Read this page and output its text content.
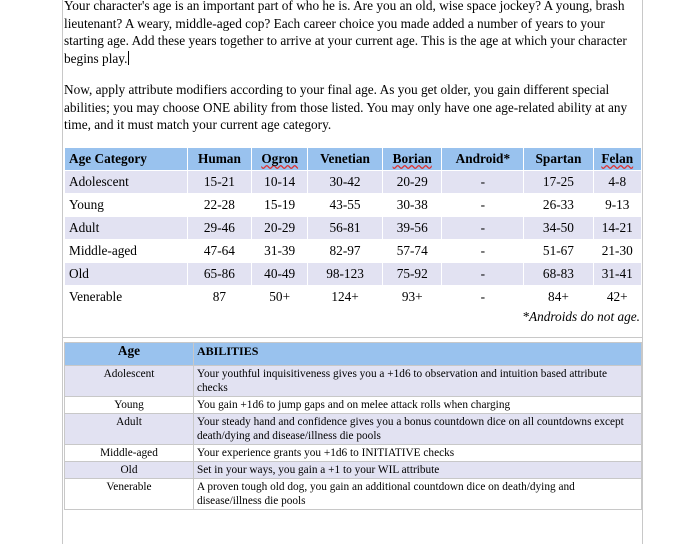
Your character's age is an important part of who he is. Are you an old, wise space jockey? A young, brash lieutenant? A weary, middle-aged cop? Each career choice you made added a number of years to your starting age. Add these years together to arrive at your current age. This is the age at which your character begins play.

Now, apply attribute modifiers according to your final age. As you get older, you gain different special abilities; you may choose ONE ability from those listed. You may only have one age-related ability at any time, and it must match your current age category.

Age Category	Human	Ogron	Venetian	Borian	Android*	Spartan	Felan
Adolescent	15-21	10-14	30-42	20-29	-	17-25	4-8
Young	22-28	15-19	43-55	30-38	-	26-33	9-13
Adult	29-46	20-29	56-81	39-56	-	34-50	14-21
Middle-aged	47-64	31-39	82-97	57-74	-	51-67	21-30
Old	65-86	40-49	98-123	75-92	-	68-83	31-41
Venerable	87	50+	124+	93+	-	84+	42+
*Androids do not age.
Age	ABILITIES
Adolescent	Your youthful inquisitiveness gives you a +1d6 to observation and intuition based attribute checks
Young	You gain +1d6 to jump gaps and on melee attack rolls when charging
Adult	Your steady hand and confidence gives you a bonus countdown dice on all countdowns except death/dying and disease/illness die pools
Middle-aged	Your experience grants you +1d6 to INITIATIVE checks
Old	Set in your ways, you gain a +1 to your WIL attribute
Venerable	A proven tough old dog, you gain an additional countdown dice on death/dying and disease/illness die pools
